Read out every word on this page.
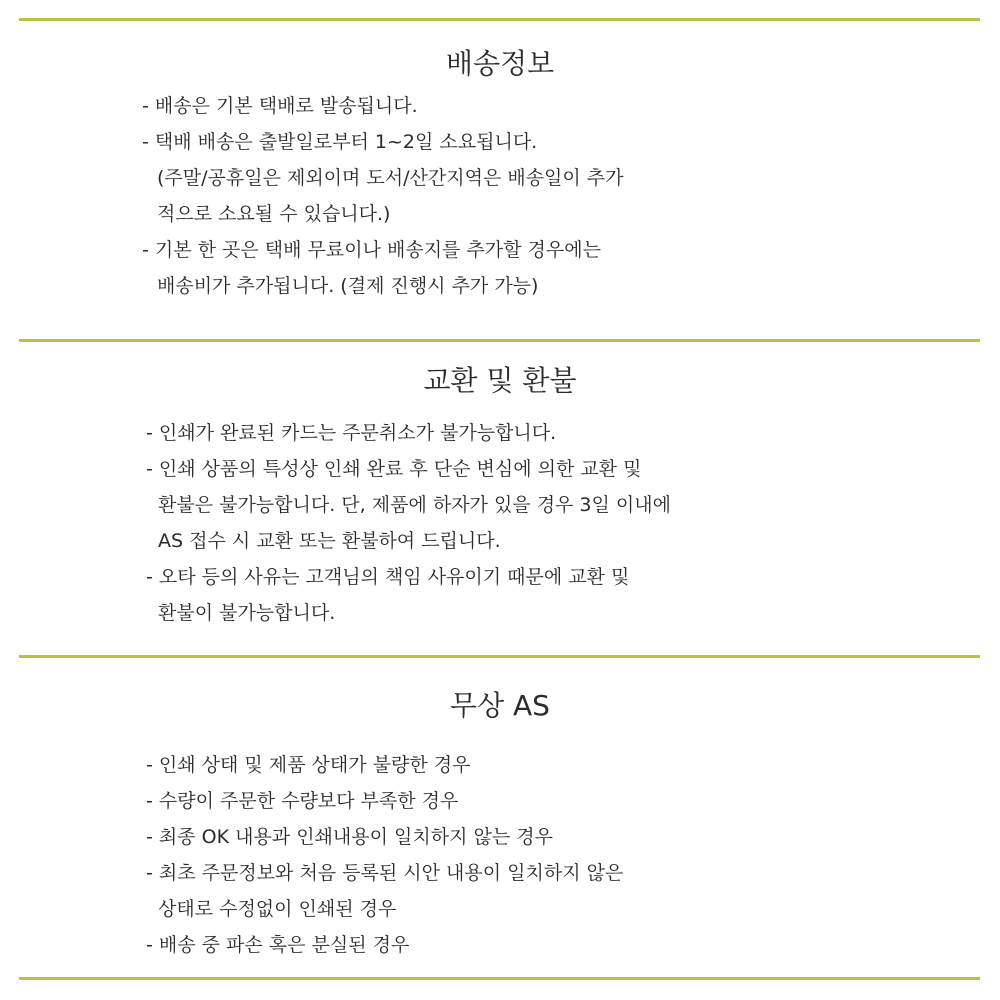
배송정보
- 배송은 기본 택배로 발송됩니다.
- 택배 배송은 출발일로부터 1~2일 소요됩니다.
(주말/공휴일은 제외이며 도서/산간지역은 배송일이 추가
적으로 소요될 수 있습니다.)
- 기본 한 곳은 택배 무료이나 배송지를 추가할 경우에는
배송비가 추가됩니다. (결제 진행시 추가 가능)
교환 및 환불
- 인쇄가 완료된 카드는 주문취소가 불가능합니다.
- 인쇄 상품의 특성상 인쇄 완료 후 단순 변심에 의한 교환 및
환불은 불가능합니다. 단, 제품에 하자가 있을 경우 3일 이내에
AS 접수 시 교환 또는 환불하여 드립니다.
- 오타 등의 사유는 고객님의 책임 사유이기 때문에 교환 및
환불이 불가능합니다.
무상 AS
- 인쇄 상태 및 제품 상태가 불량한 경우
- 수량이 주문한 수량보다 부족한 경우
- 최종 OK 내용과 인쇄내용이 일치하지 않는 경우
- 최초 주문정보와 처음 등록된 시안 내용이 일치하지 않은
상태로 수정없이 인쇄된 경우
- 배송 중 파손 혹은 분실된 경우
